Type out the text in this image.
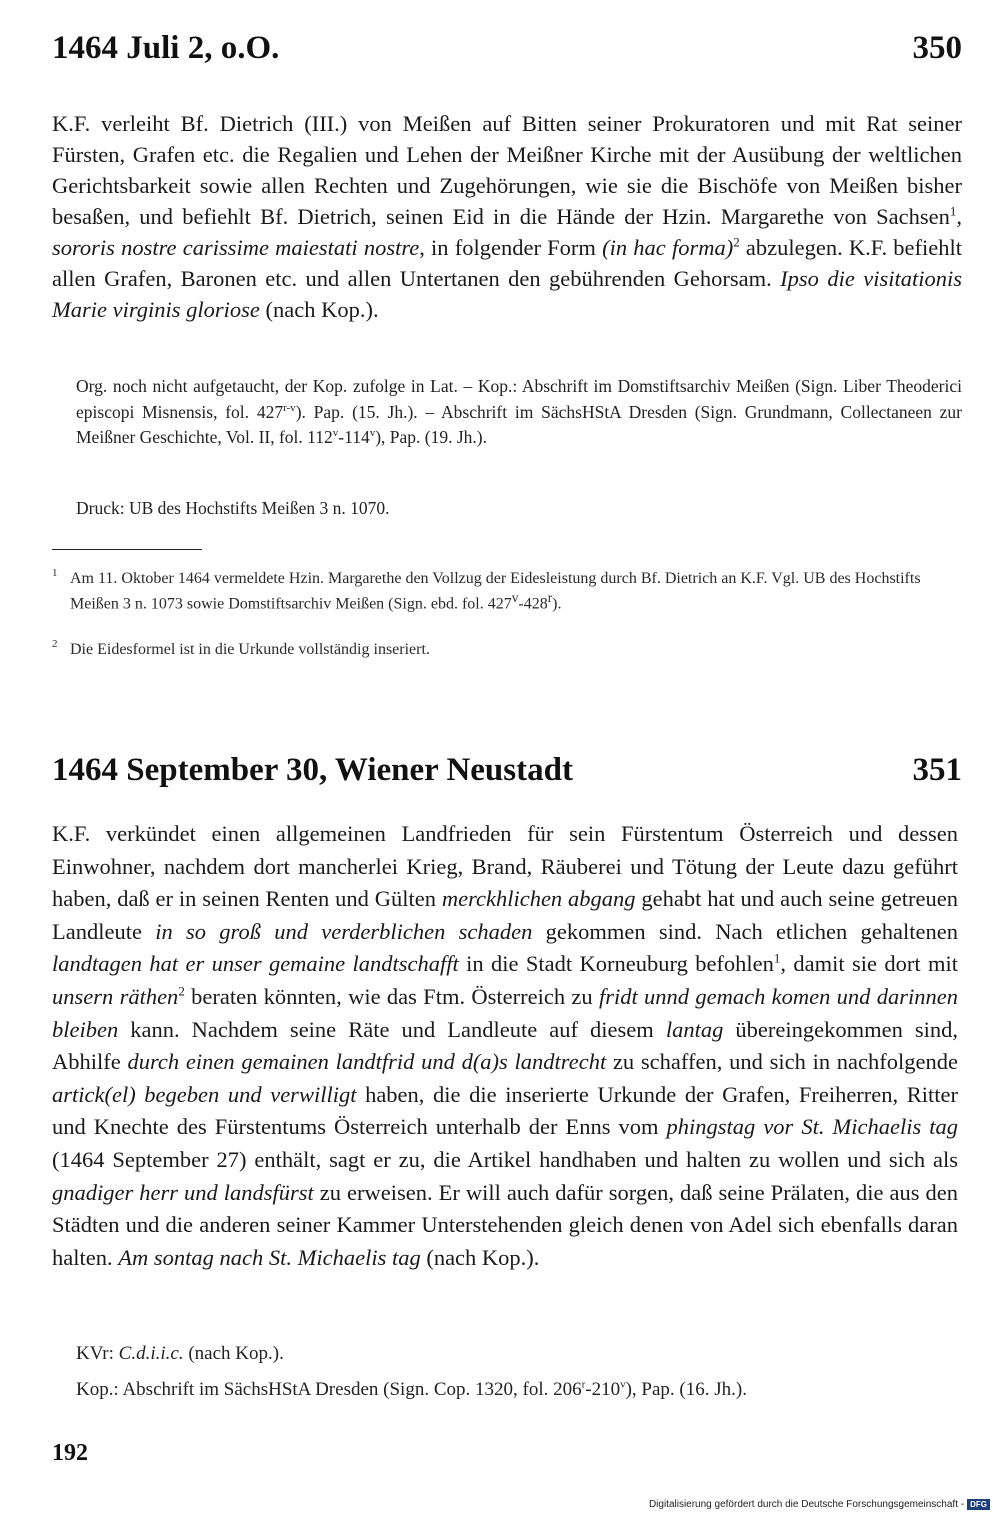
1464 Juli 2, o.O.	350
K.F. verleiht Bf. Dietrich (III.) von Meißen auf Bitten seiner Prokuratoren und mit Rat seiner Fürsten, Grafen etc. die Regalien und Lehen der Meißner Kirche mit der Ausübung der weltlichen Gerichtsbarkeit sowie allen Rechten und Zugehörungen, wie sie die Bischöfe von Meißen bisher besaßen, und befiehlt Bf. Dietrich, seinen Eid in die Hände der Hzin. Margarethe von Sachsen$^1$, sororis nostre carissime maiestati nostre, in folgender Form (in hac forma)$^2$ abzulegen. K.F. befiehlt allen Grafen, Baronen etc. und allen Untertanen den gebührenden Gehorsam. Ipso die visitationis Marie virginis gloriose (nach Kop.).
Org. noch nicht aufgetaucht, der Kop. zufolge in Lat. – Kop.: Abschrift im Domstiftsarchiv Meißen (Sign. Liber Theoderici episcopi Misnensis, fol. 427$^{r-v}$). Pap. (15. Jh.). – Abschrift im SächsHStA Dresden (Sign. Grundmann, Collectaneen zur Meißner Geschichte, Vol. II, fol. 112$^v$-114$^v$), Pap. (19. Jh.).
Druck: UB des Hochstifts Meißen 3 n. 1070.
1 Am 11. Oktober 1464 vermeldete Hzin. Margarethe den Vollzug der Eidesleistung durch Bf. Dietrich an K.F. Vgl. UB des Hochstifts Meißen 3 n. 1073 sowie Domstiftsarchiv Meißen (Sign. ebd. fol. 427$^v$-428$^r$).
2 Die Eidesformel ist in die Urkunde vollständig inseriert.
1464 September 30, Wiener Neustadt	351
K.F. verkündet einen allgemeinen Landfrieden für sein Fürstentum Österreich und dessen Einwohner, nachdem dort mancherlei Krieg, Brand, Räuberei und Tötung der Leute dazu geführt haben, daß er in seinen Renten und Gülten merckhlichen abgang gehabt hat und auch seine getreuen Landleute in so groß und verderblichen schaden gekommen sind. Nach etlichen gehaltenen landtagen hat er unser gemaine landtschafft in die Stadt Korneuburg befohlen$^1$, damit sie dort mit unsern räthen$^2$ beraten könnten, wie das Ftm. Österreich zu fridt unnd gemach komen und darinnen bleiben kann. Nachdem seine Räte und Landleute auf diesem lantag übereingekommen sind, Abhilfe durch einen gemainen landtfrid und d(a)s landtrecht zu schaffen, und sich in nachfolgende artick(el) begeben und verwilligt haben, die die inserierte Urkunde der Grafen, Freiherren, Ritter und Knechte des Fürstentums Österreich unterhalb der Enns vom phingstag vor St. Michaelis tag (1464 September 27) enthält, sagt er zu, die Artikel handhaben und halten zu wollen und sich als gnadiger herr und landsfürst zu erweisen. Er will auch dafür sorgen, daß seine Prälaten, die aus den Städten und die anderen seiner Kammer Unterstehenden gleich denen von Adel sich ebenfalls daran halten. Am sontag nach St. Michaelis tag (nach Kop.).
KVr: C.d.i.i.c. (nach Kop.).
Kop.: Abschrift im SächsHStA Dresden (Sign. Cop. 1320, fol. 206$^r$-210$^v$), Pap. (16. Jh.).
192
Digitalisierung gefördert durch die Deutsche Forschungsgemeinschaft - DFG
